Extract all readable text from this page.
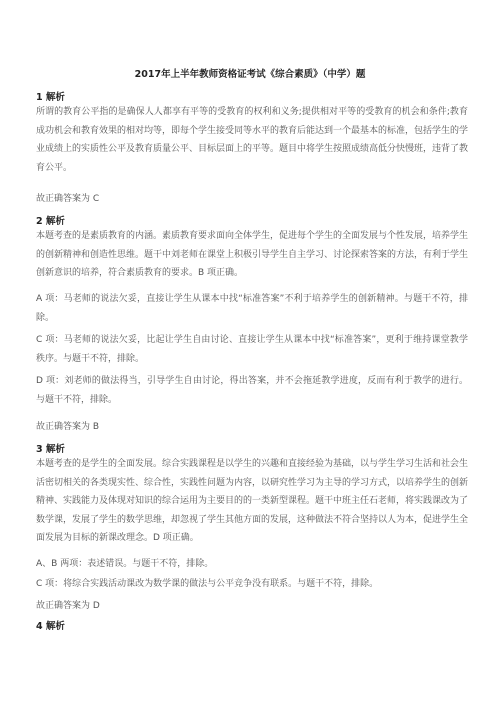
2017年上半年教师资格证考试《综合素质》（中学）题
1 解析

所谓的教育公平指的是确保人人都享有平等的受教育的权利和义务;提供相对平等的受教育的机会和条件;教育成功机会和教育效果的相对均等，即每个学生接受同等水平的教育后能达到一个最基本的标准，包括学生的学业成绩上的实质性公平及教育质量公平、目标层面上的平等。题目中将学生按照成绩高低分快慢班，违背了教育公平。

故正确答案为 C
2 解析

本题考查的是素质教育的内涵。素质教育要求面向全体学生，促进每个学生的全面发展与个性发展，培养学生的创新精神和创造性思维。题干中刘老师在课堂上积极引导学生自主学习、讨论探索答案的方法，有利于学生创新意识的培养，符合素质教育的要求。B 项正确。

A 项：马老师的说法欠妥，直接让学生从课本中找“标准答案”不利于培养学生的创新精神。与题干不符，排除。

C 项：马老师的说法欠妥，比起让学生自由讨论、直接让学生从课本中找“标准答案”，更利于维持课堂教学秩序。与题干不符，排除。

D 项：刘老师的做法得当，引导学生自由讨论，得出答案，并不会拖延教学进度，反而有利于教学的进行。与题干不符，排除。

故正确答案为 B
3 解析

本题考查的是学生的全面发展。综合实践课程是以学生的兴趣和直接经验为基础，以与学生学习生活和社会生活密切相关的各类现实性、综合性，实践性问题为内容，以研究性学习为主导的学习方式，以培养学生的创新精神、实践能力及体现对知识的综合运用为主要目的的一类新型课程。题干中班主任石老师，将实践课改为了数学课，发展了学生的数学思维，却忽视了学生其他方面的发展，这种做法不符合坚持以人为本，促进学生全面发展为目标的新课改理念。D 项正确。

A、B 两项：表述错误。与题干不符，排除。

C 项：将综合实践活动课改为数学课的做法与公平竞争没有联系。与题干不符，排除。

故正确答案为 D
4 解析
